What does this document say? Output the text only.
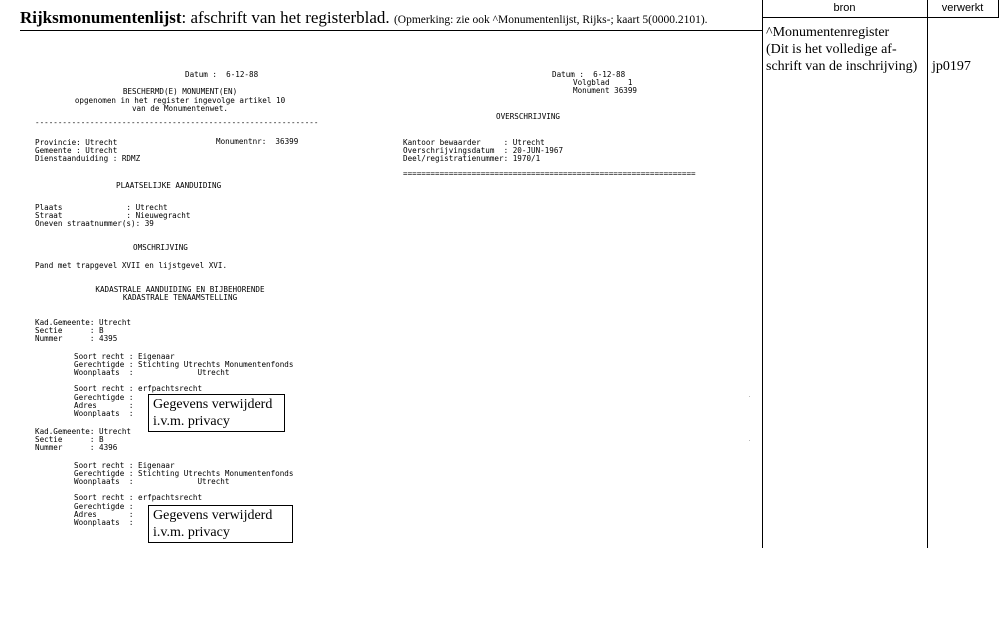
Rijksmonumentenlijst: afschrift van het registerblad. (Opmerking: zie ook ^Monumentenlijst, Rijks-; kaart 5(0000.2101).
bron	verwerkt
^Monumentenregister
(Dit is het volledige af-
schrift van de inschrijving) jp0197
Datum :  6-12-88
BESCHERMD(E) MONUMENT(EN)
opgenomen in het register ingevolge artikel 10
van de Monumentenwet.
--------------------------------------------------------------
Provincie: Utrecht	Monumentnr:  36399
Gemeente : Utrecht
Dienstaanduiding : RDMZ
PLAATSELIJKE AANDUIDING
Plaats              : Utrecht
Straat              : Nieuwegracht
Oneven straatnummer(s): 39
OMSCHRIJVING
Pand met trapgevel XVII en lijstgevel XVI.
KADASTRALE AANDUIDING EN BIJBEHORENDE
KADASTRALE TENAAMSTELLING
Kad.Gemeente: Utrecht
Sectie      : B
Nummer      : 4395
Soort recht : Eigenaar
Gerechtigde : Stichting Utrechts Monumentenfonds
Woonplaats  :              Utrecht
Soort recht : erfpachtsrecht
Gerechtigde :
Adres       :
Woonplaats  :
Gegevens verwijderd
i.v.m. privacy
Kad.Gemeente: Utrecht
Sectie      : B
Nummer      : 4396
Soort recht : Eigenaar
Gerechtigde : Stichting Utrechts Monumentenfonds
Woonplaats  :              Utrecht
Soort recht : erfpachtsrecht
Gerechtigde :
Adres       :
Woonplaats  : Gegevens verwijderd
i.v.m. privacy
Datum :  6-12-88
Volgblad    1
Monument 36399
OVERSCHRIJVING
Kantoor bewaarder     : Utrecht
Overschrijvingsdatum  : 20-JUN-1967
Deel/registratienummer: 1970/1
================================================================
